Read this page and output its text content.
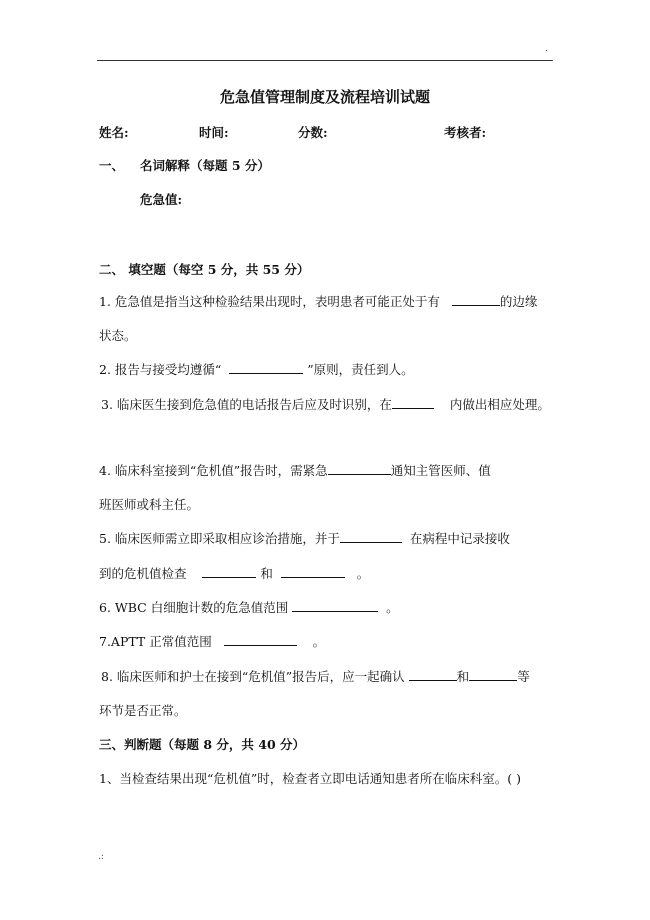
.
危急值管理制度及流程培训试题
姓名:	时间:	分数:	考核者:
一、 名词解释（每题 5 分）
危急值:
二、 填空题（每空 5 分，共 55 分）
1. 危急值是指当这种检验结果出现时，表明患者可能正处于有	的边缘
状态。
2. 报告与接受均遵循“	”原则，责任到人。
3. 临床医生接到危急值的电话报告后应及时识别，在	内做出相应处理。
4. 临床科室接到“危机值”报告时，需紧急	通知主管医师、值
班医师或科主任。
5. 临床医师需立即采取相应诊治措施，并于	在病程中记录接收
到的危机值检查	和	。
6. WBC 白细胞计数的危急值范围	。
7.APTT 正常值范围	。
8. 临床医师和护士在接到“危机值”报告后，应一起确认	和	等
环节是否正常。
三、判断题（每题 8 分，共 40 分）
1、当检查结果出现“危机值”时，检查者立即电话通知患者所在临床科室。( )
.:
